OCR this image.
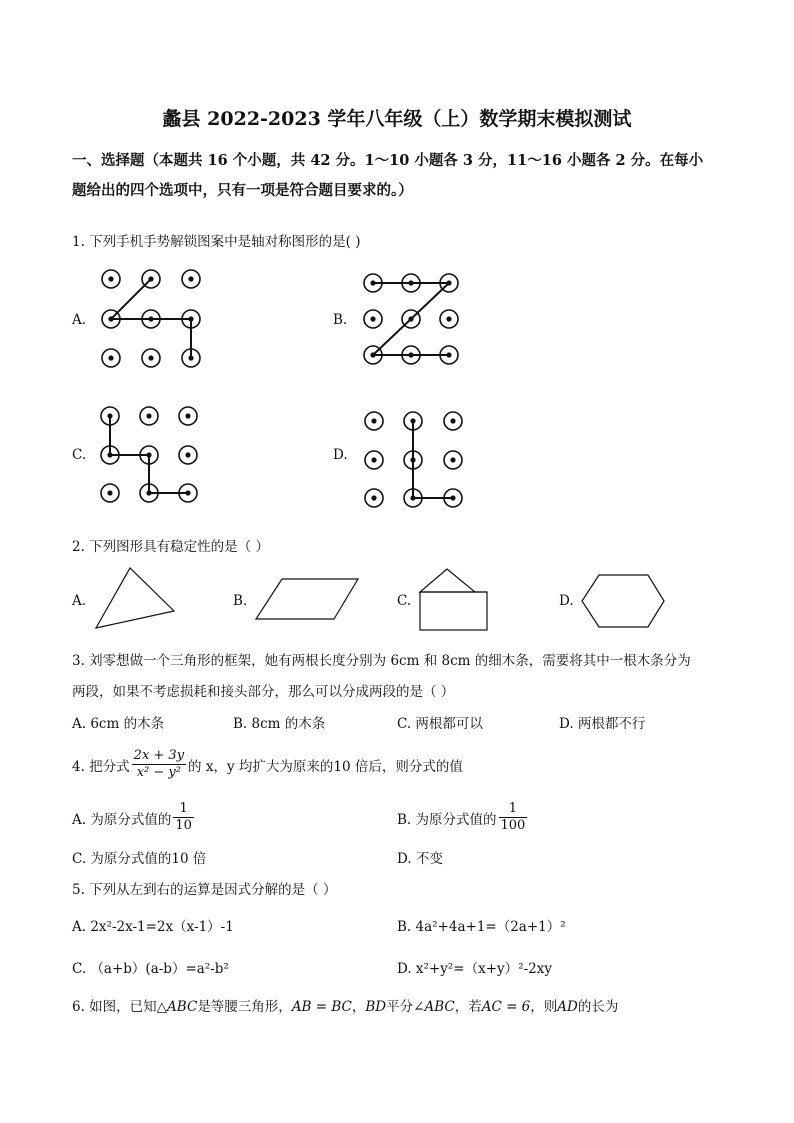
蠡县 2022-2023 学年八年级（上）数学期末模拟测试
一、选择题（本题共 16 个小题，共 42 分。1～10 小题各 3 分，11～16 小题各 2 分。在每小
题给出的四个选项中，只有一项是符合题目要求的。）
1. 下列手机手势解锁图案中是轴对称图形的是( )
A.	B.
C.	D.
2. 下列图形具有稳定性的是（ ）
A.	B.	C.	D.
3. 刘零想做一个三角形的框架，她有两根长度分别为 6cm 和 8cm 的细木条，需要将其中一根木条分为
两段，如果不考虑损耗和接头部分，那么可以分成两段的是（ ）
A. 6cm 的木条	B. 8cm 的木条	C. 两根都可以	D. 两根都不行
4. 把分式 $\frac{2x + 3y}{\text{x² − y²}}$ 的 x，y 均扩大为原来的10 倍后，则分式的值
A. 为原分式值的 $\frac{1}{10}$	B. 为原分式值的 $\frac{1}{100}$
C. 为原分式值的10 倍	D. 不变
5. 下列从左到右的运算是因式分解的是（ ）
A. 2x²-2x-1=2x（x-1）-1	B. 4a²+4a+1=（2a+1）²
C. （a+b）(a-b）=a²-b²	D. x²+y²=（x+y）²-2xy
6. 如图，已知△ABC是等腰三角形，AB = BC，BD平分∠ABC，若AC = 6，则AD的长为
